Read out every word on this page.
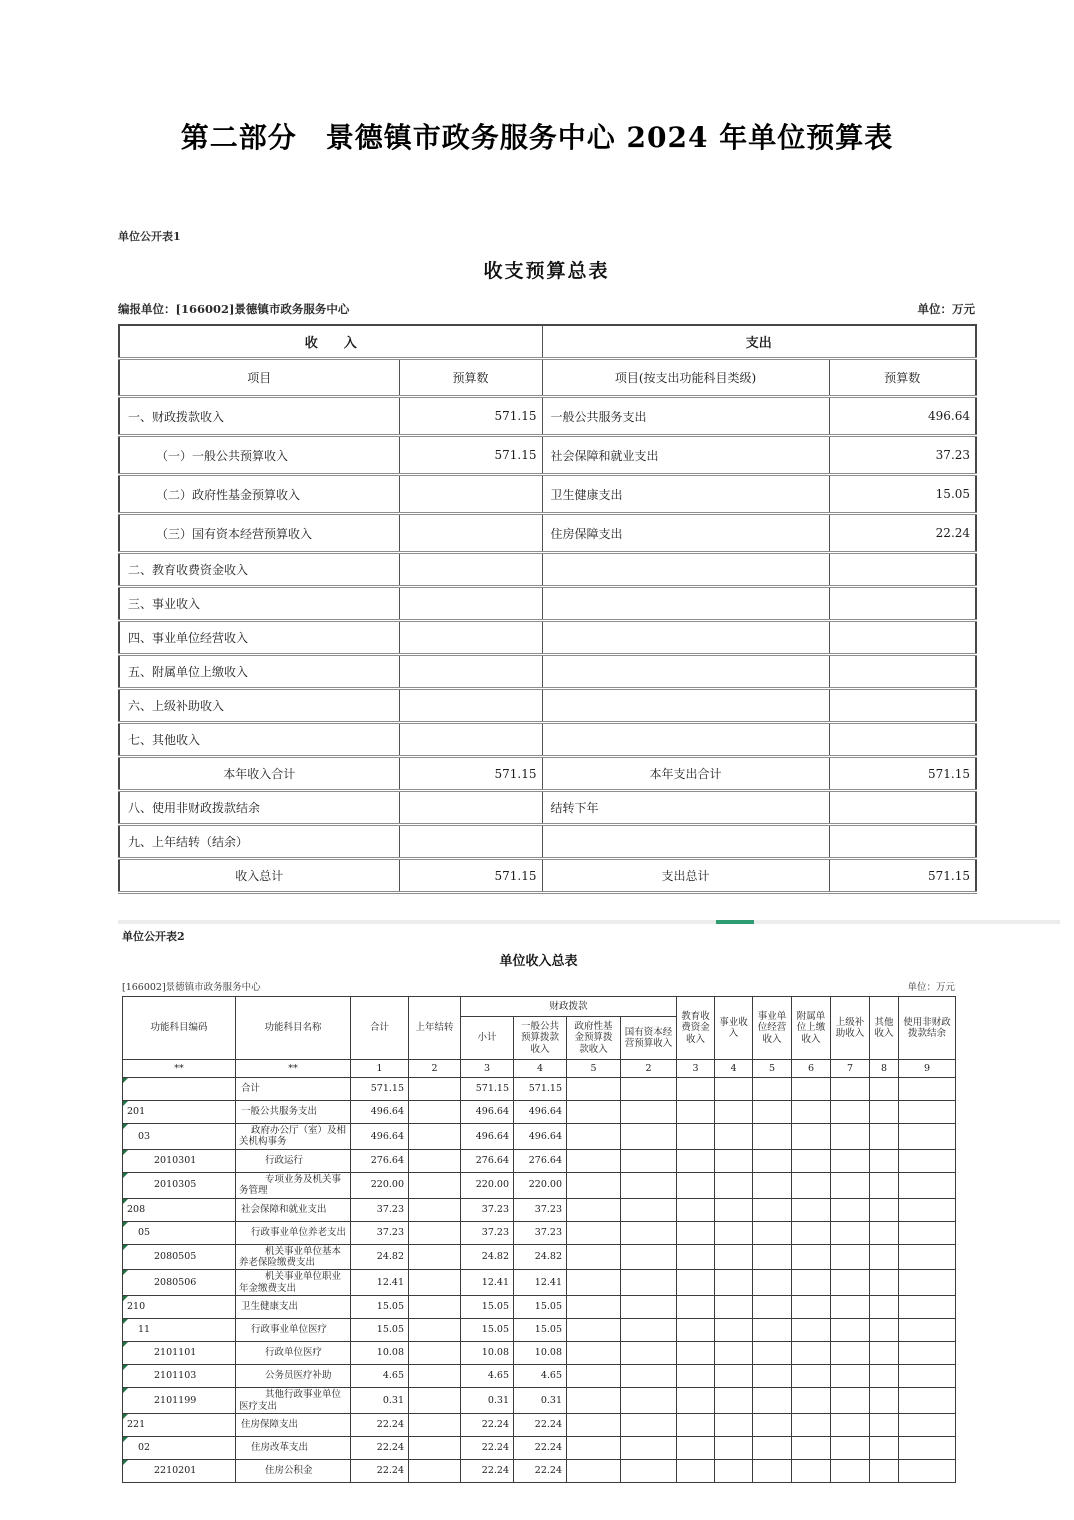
第二部分　景德镇市政务服务中心 2024 年单位预算表
单位公开表1
收支预算总表
编报单位：[166002]景德镇市政务服务中心	单位：万元
收　　入		支出	
项目	预算数	项目(按支出功能科目类级)	预算数
一、财政拨款收入	571.15	一般公共服务支出	496.64
（一）一般公共预算收入	571.15	社会保障和就业支出	37.23
（二）政府性基金预算收入		卫生健康支出	15.05
（三）国有资本经营预算收入		住房保障支出	22.24
二、教育收费资金收入			
三、事业收入			
四、事业单位经营收入			
五、附属单位上缴收入			
六、上级补助收入			
七、其他收入			
本年收入合计	571.15	本年支出合计	571.15
八、使用非财政拨款结余		结转下年	
九、上年结转（结余）			
收入总计	571.15	支出总计	571.15
单位公开表2
单位收入总表
[166002]景德镇市政务服务中心	单位：万元
功能科目编码	功能科目名称	合计	上年结转	财政拨款				教育收费资金收入	事业收入	事业单位经营收入	附属单位上缴收入	上级补助收入	其他收入	使用非财政拨款结余
				小计	一般公共预算拨款收入	政府性基金预算拨款收入	国有资本经营预算收入							
**	**	1	2	3	4	5	2	3	4	5	6	7	8	9
	合计	571.15		571.15	571.15									
201	一般公共服务支出	496.64		496.64	496.64									
03	政府办公厅（室）及相关机构事务	496.64		496.64	496.64									
2010301	行政运行	276.64		276.64	276.64									
2010305	专项业务及机关事务管理	220.00		220.00	220.00									
208	社会保障和就业支出	37.23		37.23	37.23									
05	行政事业单位养老支出	37.23		37.23	37.23									
2080505	机关事业单位基本养老保险缴费支出	24.82		24.82	24.82									
2080506	机关事业单位职业年金缴费支出	12.41		12.41	12.41									
210	卫生健康支出	15.05		15.05	15.05									
11	行政事业单位医疗	15.05		15.05	15.05									
2101101	行政单位医疗	10.08		10.08	10.08									
2101103	公务员医疗补助	4.65		4.65	4.65									
2101199	其他行政事业单位医疗支出	0.31		0.31	0.31									
221	住房保障支出	22.24		22.24	22.24									
02	住房改革支出	22.24		22.24	22.24									
2210201	住房公积金	22.24		22.24	22.24									
